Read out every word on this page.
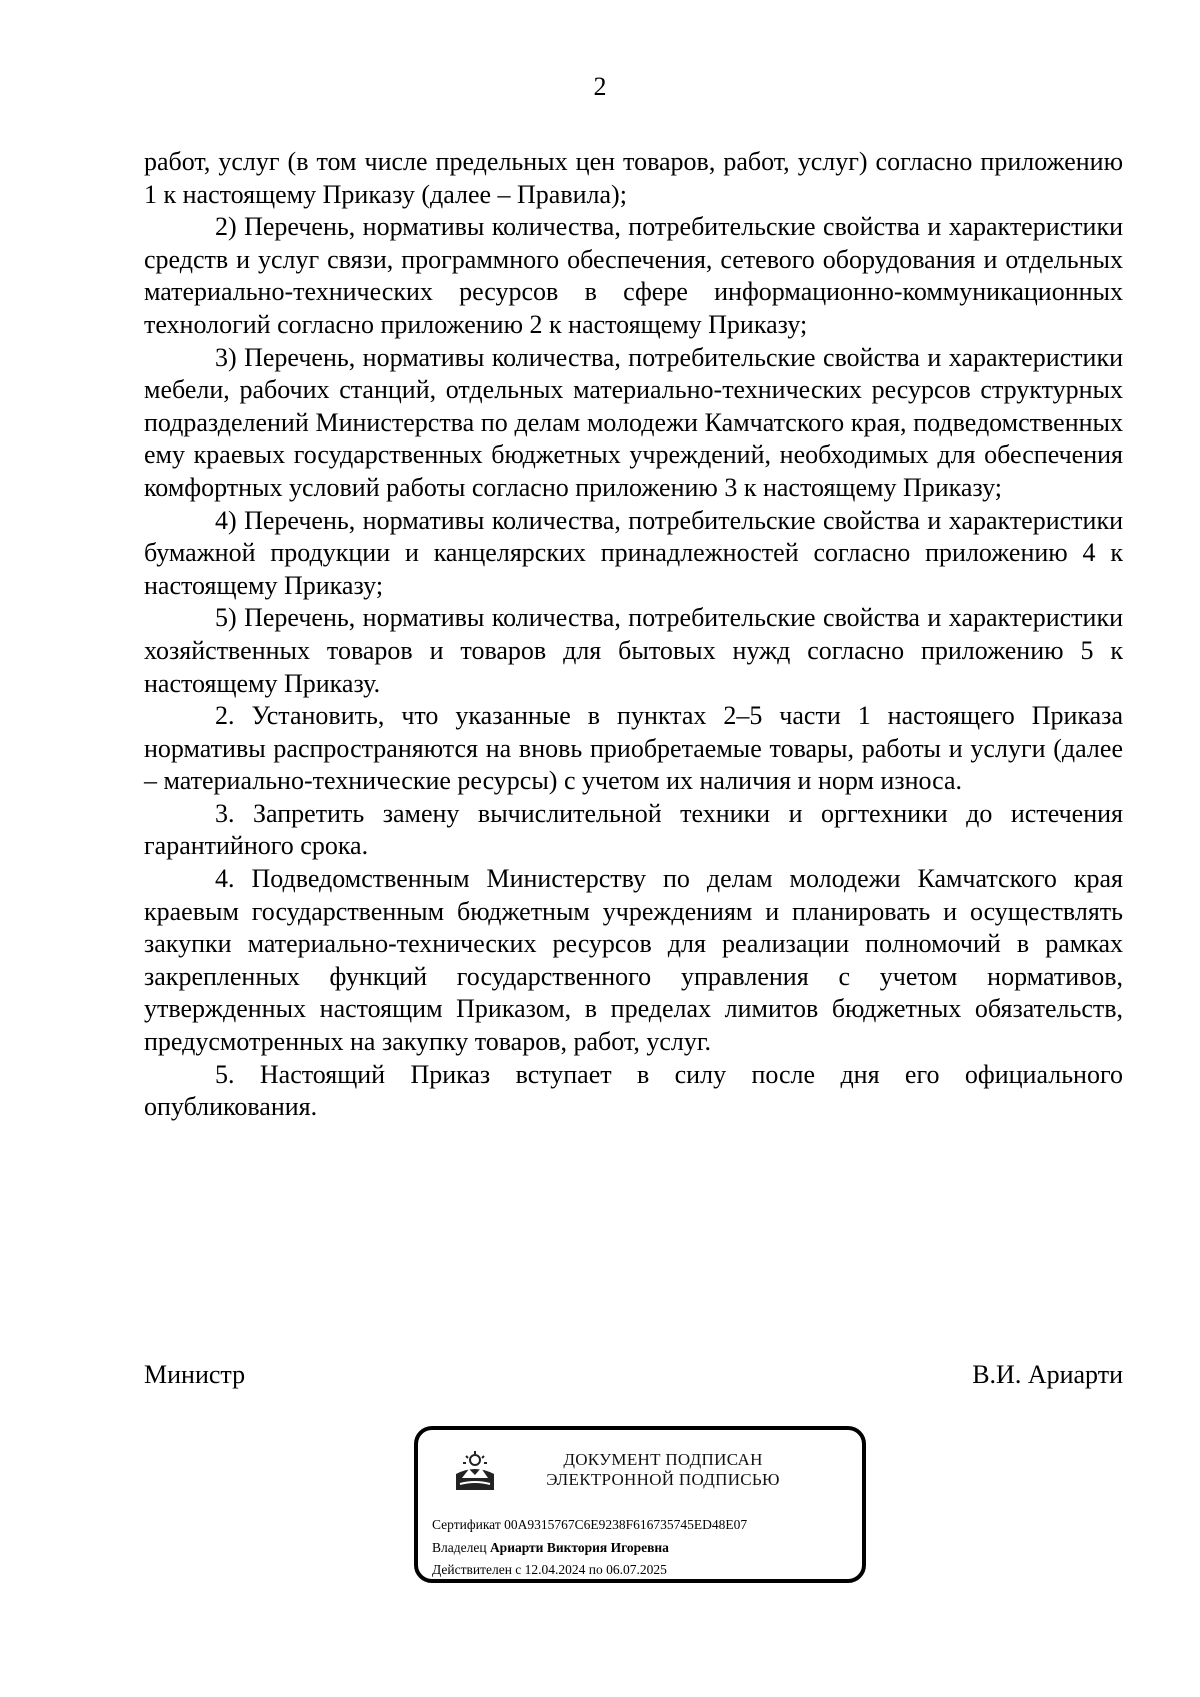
2

работ, услуг (в том числе предельных цен товаров, работ, услуг) согласно приложению 1 к настоящему Приказу (далее – Правила);

2) Перечень, нормативы количества, потребительские свойства и характеристики средств и услуг связи, программного обеспечения, сетевого оборудования и отдельных материально-технических ресурсов в сфере информационно-коммуникационных технологий согласно приложению 2 к настоящему Приказу;

3) Перечень, нормативы количества, потребительские свойства и характеристики мебели, рабочих станций, отдельных материально-технических ресурсов структурных подразделений Министерства по делам молодежи Камчатского края, подведомственных ему краевых государственных бюджетных учреждений, необходимых для обеспечения комфортных условий работы согласно приложению 3 к настоящему Приказу;

4) Перечень, нормативы количества, потребительские свойства и характеристики бумажной продукции и канцелярских принадлежностей согласно приложению 4 к настоящему Приказу;

5) Перечень, нормативы количества, потребительские свойства и характеристики хозяйственных товаров и товаров для бытовых нужд согласно приложению 5 к настоящему Приказу.

2. Установить, что указанные в пунктах 2–5 части 1 настоящего Приказа нормативы распространяются на вновь приобретаемые товары, работы и услуги (далее – материально-технические ресурсы) с учетом их наличия и норм износа.

3. Запретить замену вычислительной техники и оргтехники до истечения гарантийного срока.

4. Подведомственным Министерству по делам молодежи Камчатского края краевым государственным бюджетным учреждениям и планировать и осуществлять закупки материально-технических ресурсов для реализации полномочий в рамках закрепленных функций государственного управления с учетом нормативов, утвержденных настоящим Приказом, в пределах лимитов бюджетных обязательств, предусмотренных на закупку товаров, работ, услуг.

5. Настоящий Приказ вступает в силу после дня его официального опубликования.

Министр	В.И. Ариарти
ДОКУМЕНТ ПОДПИСАН
ЭЛЕКТРОННОЙ ПОДПИСЬЮ
Сертификат 00A9315767C6E9238F616735745ED48E07
Владелец Ариарти Виктория Игоревна
Действителен с 12.04.2024 по 06.07.2025
